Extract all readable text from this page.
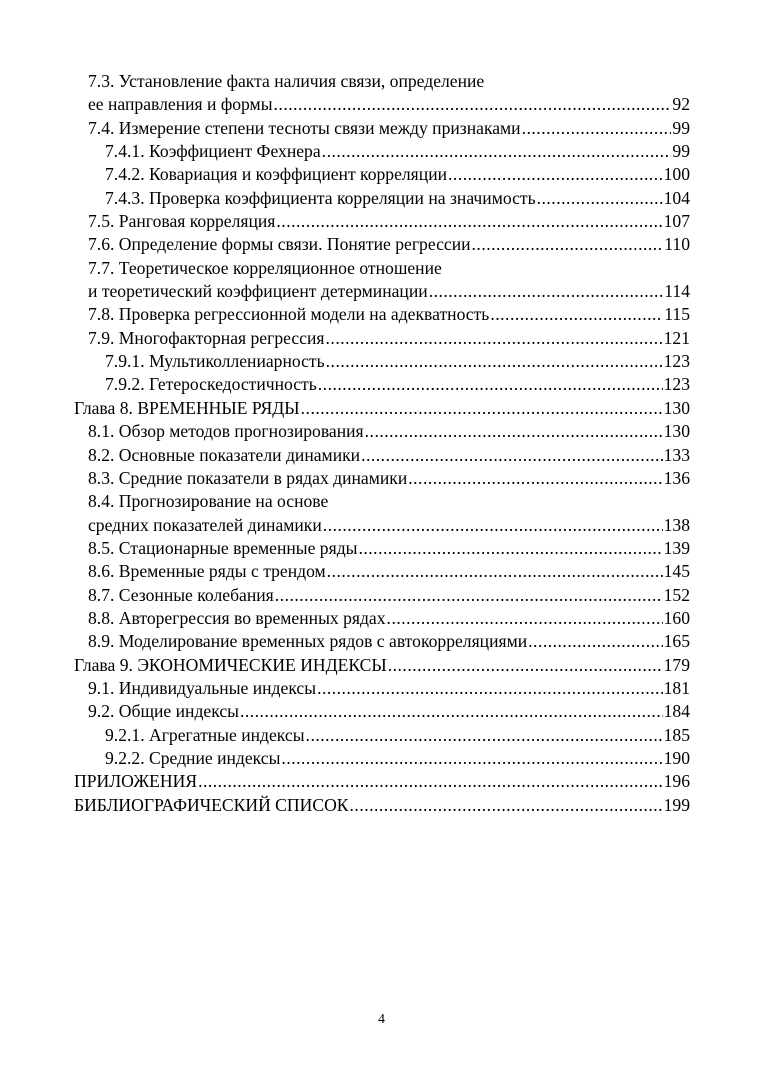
7.3. Установление факта наличия связи, определение
ее направления и формы .....	92
7.4. Измерение степени тесноты связи между признаками .....	99
7.4.1. Коэффициент Фехнера .....	99
7.4.2. Ковариация и коэффициент корреляции .....	100
7.4.3. Проверка коэффициента корреляции на значимость .....	104
7.5. Ранговая корреляция .....	107
7.6. Определение формы связи. Понятие регрессии .....	110
7.7. Теоретическое корреляционное отношение
и теоретический коэффициент детерминации .....	114
7.8. Проверка регрессионной модели на адекватность .....	115
7.9. Многофакторная регрессия .....	121
7.9.1. Мультиколлениарность .....	123
7.9.2. Гетероскедостичность .....	123
Глава 8. ВРЕМЕННЫЕ РЯДЫ .....	130
8.1. Обзор методов прогнозирования .....	130
8.2. Основные показатели динамики .....	133
8.3. Средние показатели в рядах динамики .....	136
8.4. Прогнозирование на основе
средних показателей динамики .....	138
8.5. Стационарные временные ряды .....	139
8.6. Временные ряды с трендом .....	145
8.7. Сезонные колебания .....	152
8.8. Авторегрессия во временных рядах .....	160
8.9. Моделирование временных рядов с автокорреляциями .....	165
Глава 9. ЭКОНОМИЧЕСКИЕ ИНДЕКСЫ .....	179
9.1. Индивидуальные индексы .....	181
9.2. Общие индексы .....	184
9.2.1. Агрегатные индексы .....	185
9.2.2. Средние индексы .....	190
ПРИЛОЖЕНИЯ .....	196
БИБЛИОГРАФИЧЕСКИЙ СПИСОК .....	199
4
